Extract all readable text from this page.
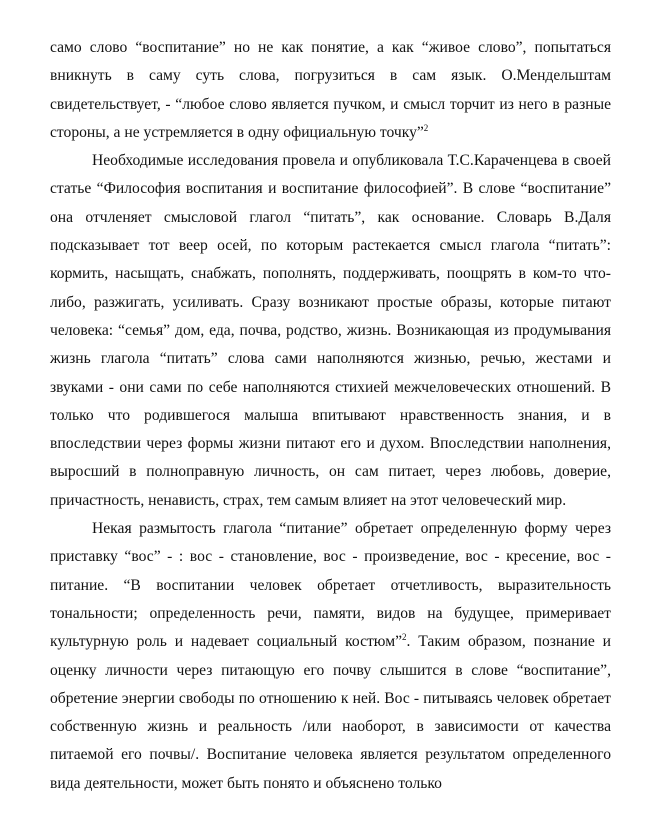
само слово “воспитание” но не как понятие, а как “живое слово”, попытаться вникнуть в саму суть слова, погрузиться в сам язык. О.Мендельштам свидетельствует, - “любое слово является пучком, и смысл торчит из него в разные стороны, а не устремляется в одну официальную точку”$^2$

Необходимые исследования провела и опубликовала Т.С.Караченцева в своей статье “Философия воспитания и воспитание философией”. В слове “воспитание” она отчленяет смысловой глагол “питать”, как основание. Словарь В.Даля подсказывает тот веер осей, по которым растекается смысл глагола “питать”: кормить, насыщать, снабжать, пополнять, поддерживать, поощрять в ком-то что-либо, разжигать, усиливать. Сразу возникают простые образы, которые питают человека: “семья” дом, еда, почва, родство, жизнь. Возникающая из продумывания жизнь глагола “питать” слова сами наполняются жизнью, речью, жестами и звуками - они сами по себе наполняются стихией межчеловеческих отношений. В только что родившегося малыша впитывают нравственность знания, и в впоследствии через формы жизни питают его и духом. Впоследствии наполнения, выросший в полноправную личность, он сам питает, через любовь, доверие, причастность, ненависть, страх, тем самым влияет на этот человеческий мир.

Некая размытость глагола “питание” обретает определенную форму через приставку “вос” - : вос - становление, вос - произведение, вос - кресение, вос - питание. “В воспитании человек обретает отчетливость, выразительность тональности; определенность речи, памяти, видов на будущее, примеривает культурную роль и надевает социальный костюм”$^2$. Таким образом, познание и оценку личности через питающую его почву слышится в слове “воспитание”, обретение энергии свободы по отношению к ней. Вос - питываясь человек обретает собственную жизнь и реальность /или наоборот, в зависимости от качества питаемой его почвы/. Воспитание человека является результатом определенного вида деятельности, может быть понято и объяснено только
